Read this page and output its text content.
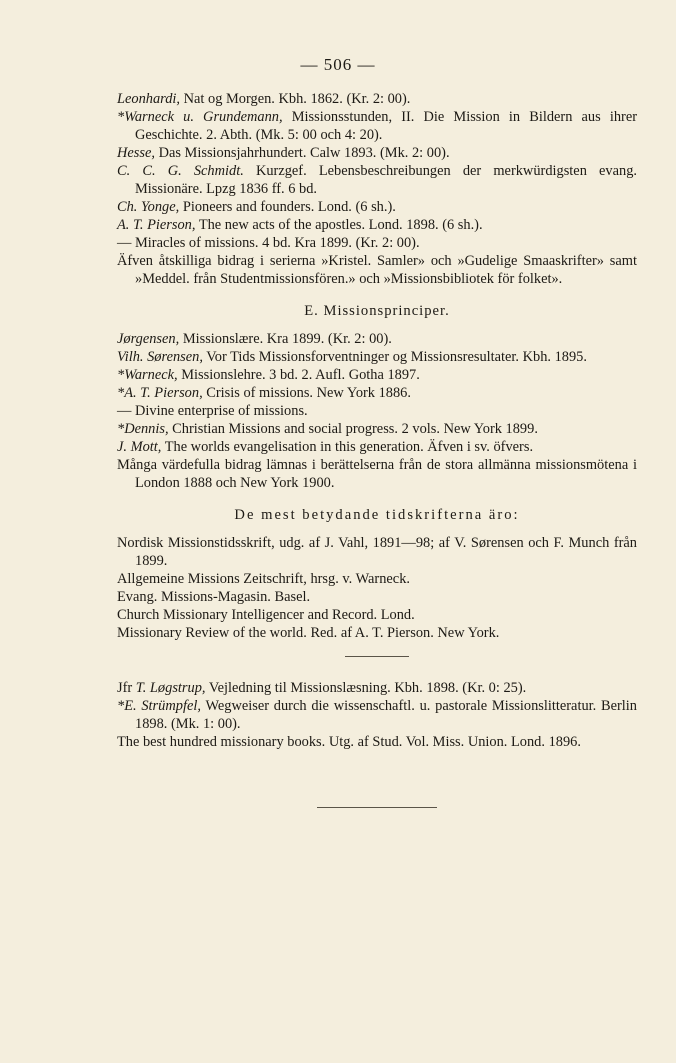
— 506 —

Leonhardi, Nat og Morgen. Kbh. 1862. (Kr. 2: 00).

*Warneck u. Grundemann, Missionsstunden, II. Die Mission in Bildern aus ihrer Geschichte. 2. Abth. (Mk. 5: 00 och 4: 20).

Hesse, Das Missionsjahrhundert. Calw 1893. (Mk. 2: 00).

C. C. G. Schmidt. Kurzgef. Lebensbeschreibungen der merkwürdigsten evang. Missionäre. Lpzg 1836 ff. 6 bd.

Ch. Yonge, Pioneers and founders. Lond. (6 sh.).

A. T. Pierson, The new acts of the apostles. Lond. 1898. (6 sh.).

— Miracles of missions. 4 bd. Kra 1899. (Kr. 2: 00).

Äfven åtskilliga bidrag i serierna »Kristel. Samler» och »Gudelige Smaaskrifter» samt »Meddel. från Studentmissionsfören.» och »Missionsbibliotek för folket».

E. Missionsprinciper.

Jørgensen, Missionslære. Kra 1899. (Kr. 2: 00).

Vilh. Sørensen, Vor Tids Missionsforventninger og Missionsresultater. Kbh. 1895.

*Warneck, Missionslehre. 3 bd. 2. Aufl. Gotha 1897.

*A. T. Pierson, Crisis of missions. New York 1886.

— Divine enterprise of missions.

*Dennis, Christian Missions and social progress. 2 vols. New York 1899.

J. Mott, The worlds evangelisation in this generation. Äfven i sv. öfvers.

Många värdefulla bidrag lämnas i berättelserna från de stora allmänna missionsmötena i London 1888 och New York 1900.

De mest betydande tidskrifterna äro:

Nordisk Missionstidsskrift, udg. af J. Vahl, 1891—98; af V. Sørensen och F. Munch från 1899.

Allgemeine Missions Zeitschrift, hrsg. v. Warneck.

Evang. Missions-Magasin. Basel.

Church Missionary Intelligencer and Record. Lond.

Missionary Review of the world. Red. af A. T. Pierson. New York.

Jfr T. Løgstrup, Vejledning til Missionslæsning. Kbh. 1898. (Kr. 0: 25).

*E. Strümpfel, Wegweiser durch die wissenschaftl. u. pastorale Missionslitteratur. Berlin 1898. (Mk. 1: 00).

The best hundred missionary books. Utg. af Stud. Vol. Miss. Union. Lond. 1896.
